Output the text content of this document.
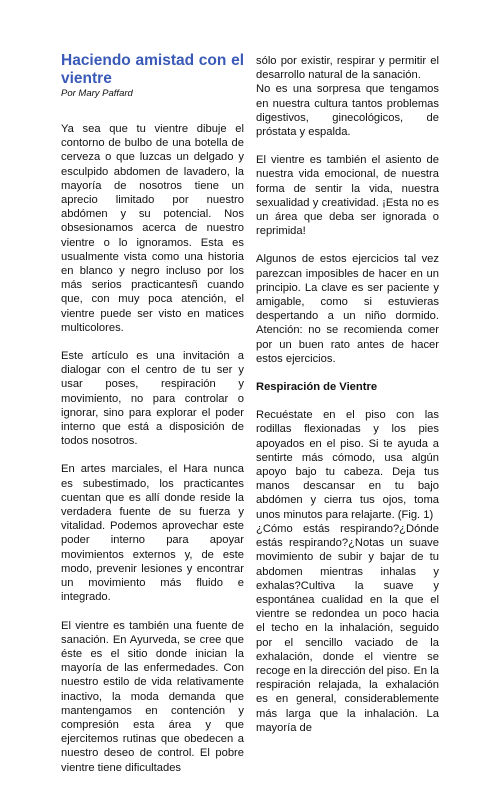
Haciendo amistad con el vientre
Por Mary Paffard

Ya sea que tu vientre dibuje el contorno de bulbo de una botella de cerveza o que luzcas un delgado y esculpido abdomen de lavadero, la mayoría de nosotros tiene un aprecio limitado por nuestro abdómen y su potencial. Nos obsesionamos acerca de nuestro vientre o lo ignoramos. Esta es usualmente vista como una historia en blanco y negro incluso por los más serios practicantesñ cuando que, con muy poca atención, el vientre puede ser visto en matices multicolores.

Este artículo es una invitación a dialogar con el centro de tu ser y usar poses, respiración y movimiento, no para controlar o ignorar, sino para explorar el poder interno que está a disposición de todos nosotros.

En artes marciales, el Hara nunca es subestimado, los practicantes cuentan que es allí donde reside la verdadera fuente de su fuerza y vitalidad. Podemos aprovechar este poder interno para apoyar movimientos externos y, de este modo, prevenir lesiones y encontrar un movimiento más fluido e integrado.

El vientre es también una fuente de sanación. En Ayurveda, se cree que éste es el sitio donde inician la mayoría de las enfermedades. Con nuestro estilo de vida relativamente inactivo, la moda demanda que mantengamos en contención y compresión esta área y que ejercitemos rutinas que obedecen a nuestro deseo de control. El pobre vientre tiene dificultades

sólo por existir, respirar y permitir el desarrollo natural de la sanación.

No es una sorpresa que tengamos en nuestra cultura tantos problemas digestivos, ginecológicos, de próstata y espalda.

El vientre es también el asiento de nuestra vida emocional, de nuestra forma de sentir la vida, nuestra sexualidad y creatividad. ¡Esta no es un área que deba ser ignorada o reprimida!

Algunos de estos ejercicios tal vez parezcan imposibles de hacer en un principio. La clave es ser paciente y amigable, como si estuvieras despertando a un niño dormido. Atención: no se recomienda comer por un buen rato antes de hacer estos ejercicios.

Respiración de Vientre

Recuéstate en el piso con las rodillas flexionadas y los pies apoyados en el piso. Si te ayuda a sentirte más cómodo, usa algún apoyo bajo tu cabeza. Deja tus manos descansar en tu bajo abdómen y cierra tus ojos, toma unos minutos para relajarte. (Fig. 1)

¿Cómo estás respirando?¿Dónde estás respirando?¿Notas un suave movimiento de subir y bajar de tu abdomen mientras inhalas y exhalas?Cultiva la suave y espontánea cualidad en la que el vientre se redondea un poco hacia el techo en la inhalación, seguido por el sencillo vaciado de la exhalación, donde el vientre se recoge en la dirección del piso. En la respiración relajada, la exhalación es en general, considerablemente más larga que la inhalación. La mayoría de
